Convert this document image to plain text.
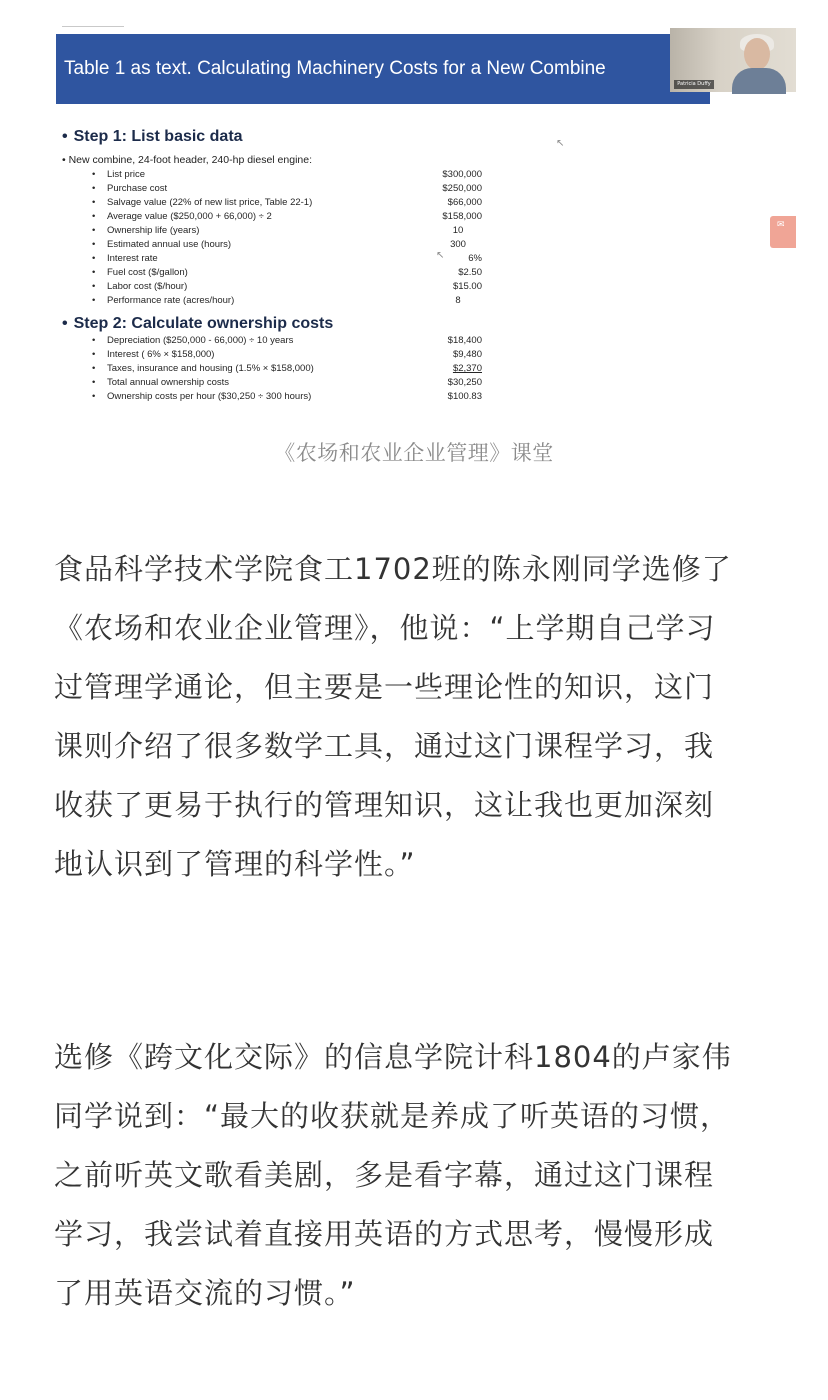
Table 1 as text. Calculating Machinery Costs for a New Combine
Patricia Duffy
• Step 1: List basic data
• New combine, 24-foot header, 240-hp diesel engine:
• List price	$300,000
• Purchase cost	$250,000
• Salvage value (22% of new list price, Table 22-1)	$66,000
• Average value ($250,000 + 66,000) ÷ 2	$158,000
• Ownership life (years)	10
• Estimated annual use (hours)	300
• Interest rate	6%
• Fuel cost ($/gallon)	$2.50
• Labor cost ($/hour)	$15.00
• Performance rate (acres/hour)	8
• Step 2: Calculate ownership costs
• Depreciation ($250,000 - 66,000) ÷ 10 years	$18,400
• Interest ( 6% × $158,000)	$9,480
• Taxes, insurance and housing (1.5% × $158,000)	$2,370
• Total annual ownership costs	$30,250
• Ownership costs per hour ($30,250 ÷ 300 hours)	$100.83
↖
↖
✉
《农场和农业企业管理》课堂
食品科学技术学院食工1702班的陈永刚同学选修了
《农场和农业企业管理》，他说：“上学期自己学习
过管理学通论，但主要是一些理论性的知识，这门
课则介绍了很多数学工具，通过这门课程学习，我
收获了更易于执行的管理知识，这让我也更加深刻
地认识到了管理的科学性。”
选修《跨文化交际》的信息学院计科1804的卢家伟
同学说到：“最大的收获就是养成了听英语的习惯，
之前听英文歌看美剧，多是看字幕，通过这门课程
学习，我尝试着直接用英语的方式思考，慢慢形成
了用英语交流的习惯。”
